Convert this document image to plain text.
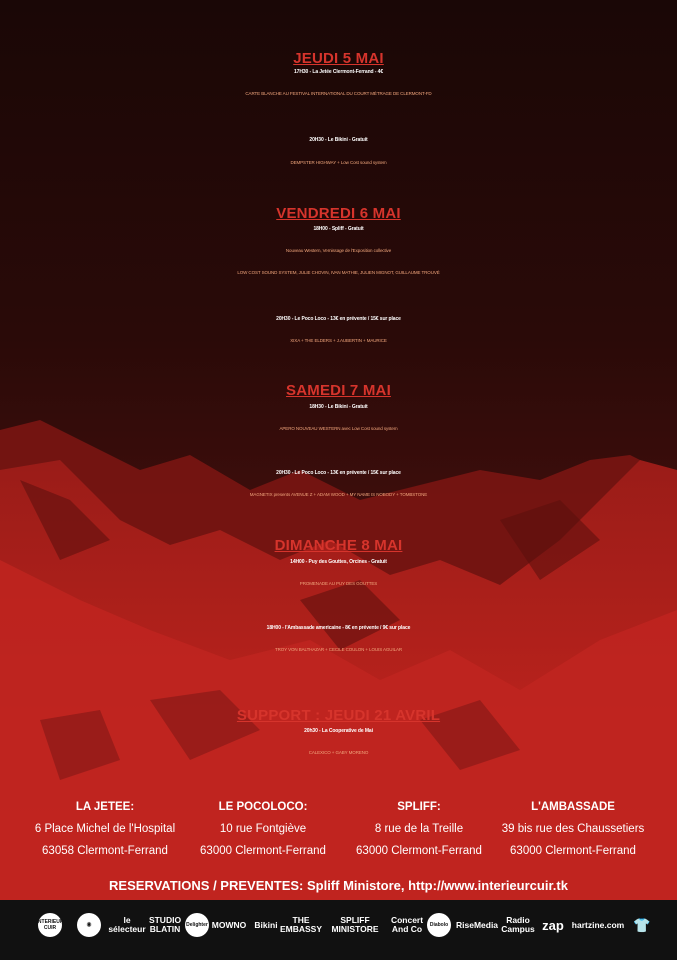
JEUDI 5 MAI
17H30 - La Jetée Clermont-Ferrand - 4€
CARTE BLANCHE AU FESTIVAL INTERNATIONAL DU COURT MÉTRAGE DE CLERMONT-FD
20H30 - Le Bikini - Gratuit
DEMPSTER HIGHWAY + Low Cost sound system
VENDREDI 6 MAI
18H00 - Spliff - Gratuit
Nouveau Western, Vernissage de l'Exposition collective
LOW COST SOUND SYSTEM, JULIE CHOVIN, IVAN MATHIE, JULIEN MIGNOT, GUILLAUME TROUVÉ
20H30 - Le Poco Loco - 13€ en prévente / 15€ sur place
XIXA + THE ELDERS + J.AUBERTIN + MAURICE
SAMEDI 7 MAI
18H30 - Le Bikini - Gratuit
APERO NOUVEAU WESTERN avec Low Cost sound system
20H30 - Le Poco Loco - 13€ en prévente / 15€ sur place
MAGNETIX presents AVENUE Z + ADAM WOOD + MY NAME IS NOBODY + TOMBSTONE
DIMANCHE 8 MAI
14H00 - Puy des Gouttes, Orcines - Gratuit
PROMENADE AU PUY DES GOUTTES
18H00 - l'Ambassade americaine - 8€ en prévente / 9€ sur place
TROY VON BALTHAZAR + CECILE COULON + LOUIS AGUILAR
SUPPORT : JEUDI 21 AVRIL
20h30 - La Cooperative de Mai
CALEXICO + GABY MORENO
LA JETEE:
6 Place Michel de l'Hospital
63058 Clermont-Ferrand
LE POCOLOCO:
10 rue Fontgiève
63000 Clermont-Ferrand
SPLIFF:
8 rue de la Treille
63000 Clermont-Ferrand
L'AMBASSADE
39 bis rue des Chaussetiers
63000 Clermont-Ferrand
RESERVATIONS / PREVENTES: Spliff Ministore, http://www.interieurcuir.tk
INTERIEUR CUIR	✺	le sélecteur
STUDIO BLATIN Delighter MOWNO Bikini	THE EMBASSY
SPLIFF MINISTORE
Concert And Co	Diabolo RiseMedia Radio Campus zap hartzine.com 👕
